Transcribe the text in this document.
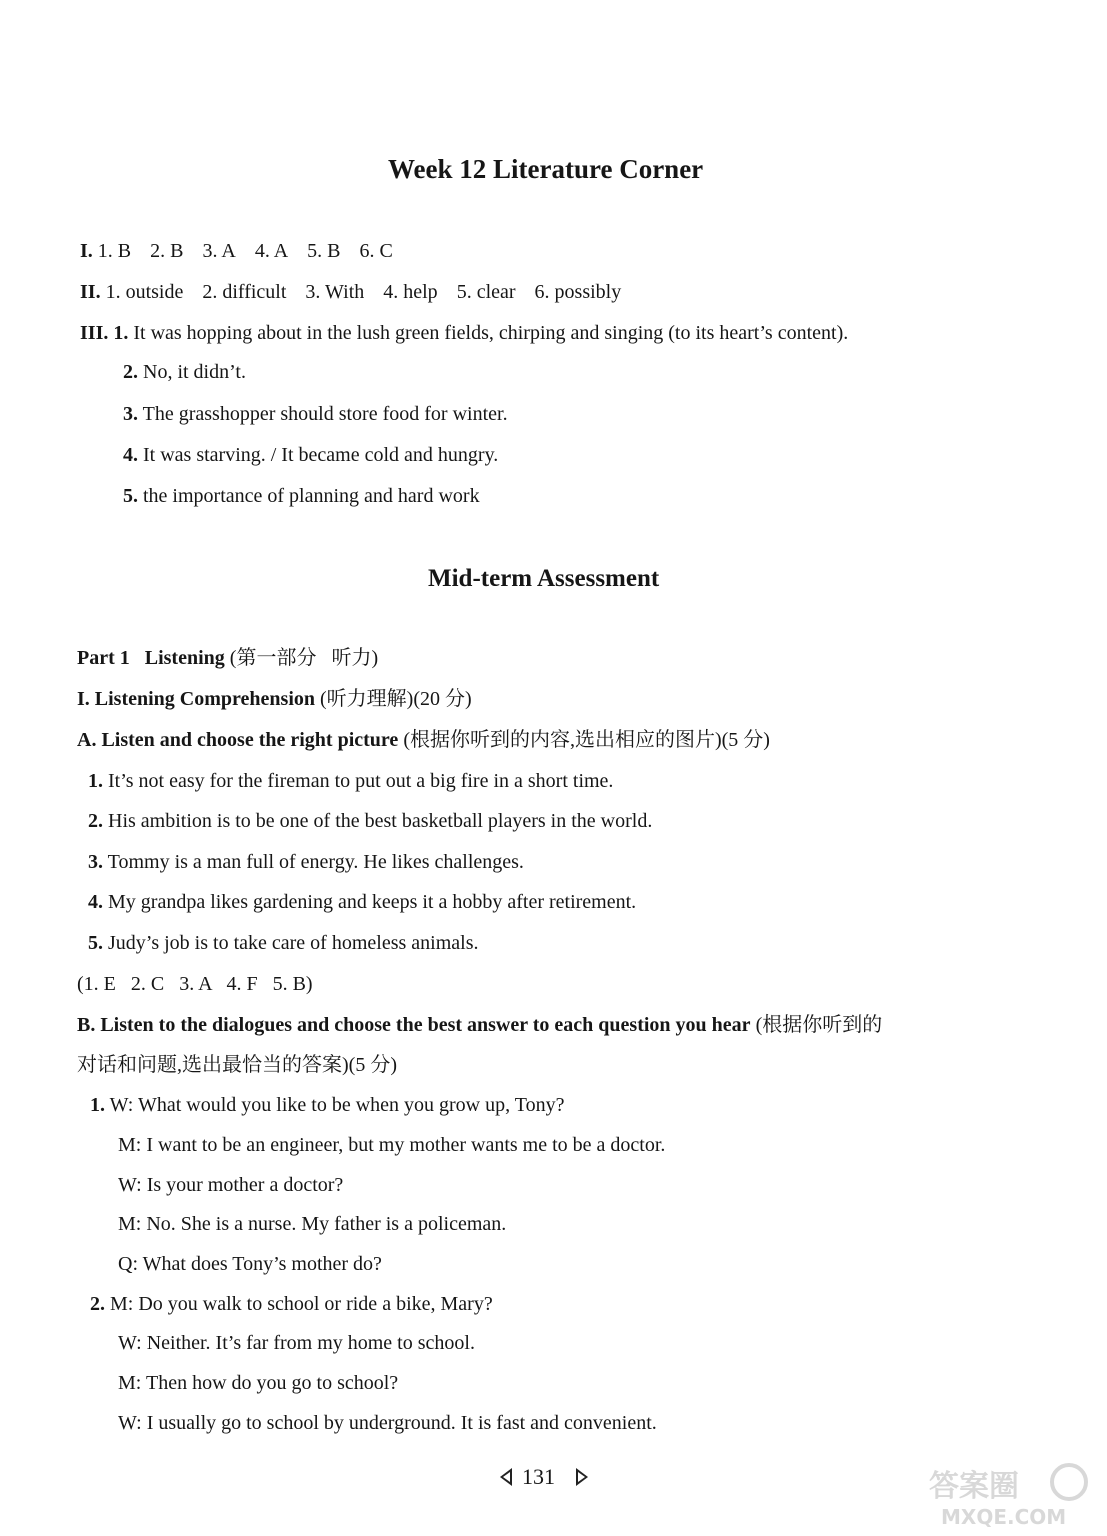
Week 12 Literature Corner
I. 1. B 2. B 3. A 4. A 5. B 6. C
II. 1. outside 2. difficult 3. With 4. help 5. clear 6. possibly
III. 1. It was hopping about in the lush green fields, chirping and singing (to its heart’s content).
2. No, it didn’t.
3. The grasshopper should store food for winter.
4. It was starving. / It became cold and hungry.
5. the importance of planning and hard work
Mid-term Assessment
Part 1   Listening (第一部分   听力)
I. Listening Comprehension (听力理解)(20 分)
A. Listen and choose the right picture (根据你听到的内容,选出相应的图片)(5 分)
1. It’s not easy for the fireman to put out a big fire in a short time.
2. His ambition is to be one of the best basketball players in the world.
3. Tommy is a man full of energy. He likes challenges.
4. My grandpa likes gardening and keeps it a hobby after retirement.
5. Judy’s job is to take care of homeless animals.
(1. E   2. C   3. A   4. F   5. B)
B. Listen to the dialogues and choose the best answer to each question you hear (根据你听到的
对话和问题,选出最恰当的答案)(5 分)
1. W: What would you like to be when you grow up, Tony?
M: I want to be an engineer, but my mother wants me to be a doctor.
W: Is your mother a doctor?
M: No. She is a nurse. My father is a policeman.
Q: What does Tony’s mother do?
2. M: Do you walk to school or ride a bike, Mary?
W: Neither. It’s far from my home to school.
M: Then how do you go to school?
W: I usually go to school by underground. It is fast and convenient.
131	答案圈
MXQE.COM
